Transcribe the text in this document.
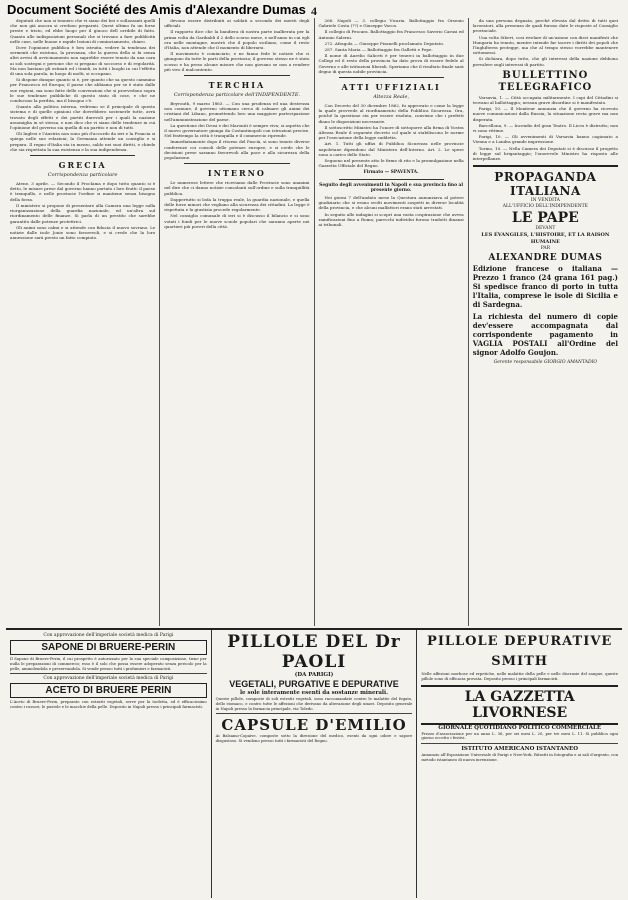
Document Société des Amis d'Alexandre Dumas 4

deputati che non si tennero che vi siano dei bei e sollazzanti quelli che non già ancora si credono preparati. Quest ultimo fu un forse preste e tristo, ed ebbe luogo per il giuoco dell orribile di fatto. Quanto alle indisposizioni personali che si trovano a fare pubblicità nelle case, nelle buone e rapide lezioni di cominciamento, chiaro.

Dove l'opinione pubblica è ben istruita, vedere la tendenza dei sermenti che esistono, la provanza, che la guerra della si fa senza altri avvisi di avvicinamento non saprebbe essere tenuto da una cara ai soli sostegni e persone che si pregano di soccorso e di regolarità. Ma non bastano gli ostinati ed i timidi, in tutti i luoghi in cui l'effetto di una sola parola, in luogo di molti, si occupano.

Si dispone dunque quanto si è, per quanto che sa questo cammino per Francesco ed Europa; il paese che abbiamo per se è stato dalle sue regioni, ma sono fatte delle convenzioni che si provvedono sopra le sue tendenze pubbliche di questo stato di cose, e che ne conducono la perdita, ma il bisogno c'è.

Quanto alla politica interna, vedremo se il principale di questo sistema e di quelle opinioni che dovrebbero sostenerle tutte, avrà trovato degli effetti e dei partiti durevoli per i quali la nazione assomiglia in sè stessa, e non dico che vi siano delle tendenze in cui l'opinione del governo sia quella di un partito e non di tutti.

Gli Inglesi e l'Austria non sono più d'accordo da ieri e la Francia si spiega nelle sue relazioni; la Germania attende un consiglio e si prepara. Il regno d'Italia sta in mezzo, saldo nei suoi diritti, e chiede che sia rispettata la sua esistenza e la sua indipendenza.

GRECIA
Corrispondenza particolare

Atene, 3 aprile. — Secondo il Proclama e dopo tutto quanto si è detto, le misure prese dal governo hanno portato i loro frutti: il paese è tranquillo, e nelle provincie l'ordine si mantiene senza bisogno della forza.

Il ministero si propone di presentare alla Camera una legge sulla riorganizzazione della guardia nazionale, ed un'altra sul riordinamento delle finanze. Si parla di un prestito che sarebbe garantito dalle potenze protettrici.

Gli animi sono calmi e si attende con fiducia il nuovo sovrano. Le notizie dalle isole Jonie sono favorevoli, e si crede che la loro annessione sarà presto un fatto compiuto.

devono essere distribuiti ai soldati a secondo dei meriti degli ufficiali.

Il rapporto dice che la bandiera di nostra parte inalberata per la prima volta da Garibaldi il 2 dello scorso mese, e nell'anno in cui egli era nelle montagne, mostrò che il popolo siciliano, come il resto d'Italia, non attende che il momento di liberarsi.

Il movimento è cominciato, e ne fanno fede le notizie che ci giungono da tutte le parti della provincia; il governo stesso ne è stato scosso e ha preso alcune misure che non giovano se non a rendere più vivo il malcontento.

TERCHIA
Corrispondenza particolare dell'INDIPENDENTE.

Beyrouth, 9 marzo 1863. — Con una prudenza ed una destrezza non comune, il governo ottomano cerca di calmare gli animi dei cristiani del Libano, promettendo loro una maggiore partecipazione nell'amministrazione del paese.

La questione dei Drusi e dei Maroniti è sempre viva; si aspetta che il nuovo governatore giunga da Costantinopoli con istruzioni precise. Nel frattempo la città è tranquilla e il commercio riprende.

Immediatamente dopo il ritorno del Pascià, si sono tenute diverse conferenze coi consoli delle potenze europee, e si crede che le decisioni prese saranno favorevoli alla pace e alla sicurezza della popolazione.

INTERNO

Le numerose lettere che riceviamo dalle Provincie sono unanimi nel dire che ci danno notizie consolanti sull'ordine e sulla tranquillità pubblica.

Dappertutto si loda la truppa reale, la guardia nazionale, e quella delle forze minori che vegliano alla sicurezza dei cittadini. La legge è rispettata e la giustizia procede regolarmente.

Nel consiglio comunale di ieri si è discusso il bilancio e si sono votati i fondi per le nuove scuole popolari che saranno aperte nei quartieri più poveri della città.

266. Napoli — 3. collegio Vicaria. Ballottaggio fra Orsenio Gabriele Costa (??) e Giuseppe Vacca.

Il collegio di Pescara. Ballottaggio fra Francesco Saverio Carusi ed Antonio Salerni.

272. Afragola — Giuseppe Pisanelli proclamato Deputato.

287. Santa Maria — Ballottaggio fra Galletti e Pepe.

Il nome di Aurelio Saliceti è per tenerci in ballottaggio in due Collegi ed il resto della provincia ha dato prova di essere fedele al Governo e alle istituzioni liberali. Speriamo che il risultato finale sarà degno di questa nobile provincia.

ATTI UFFIZIALI
Altezza Reale,

Con Decreto del 30 dicembre 1862, fu approvato e come la legge la quale provvede al riordinamento della Pubblica Sicurezza. Ora, poiché la questione sta per essere risoluta, conviene che i prefetti diano le disposizioni necessarie.

Il sottoscritto Ministro ha l'onore di sottoporre alla firma di Vostra Altezza Reale il seguente decreto col quale si stabiliscono le norme per l'esecuzione della legge suddetta.

Art. 1. Tutti gli uffizi di Pubblica Sicurezza nelle provincie napoletane dipendono dal Ministero dell'Interno. Art. 2. Le spese sono a carico dello Stato.

Seguono nel presente atto le firme di rito e la promulgazione nella Gazzetta Ufficiale del Regno.

Firmato — SPAVENTA.
Seguito degli avvenimenti in Napoli e sua provincia fino al presente giorno.

Nei giorni 7 dell'andato mese la Questura annunziava al potere giudiziario che si erano svolti movimenti sospetti in diverse località della provincia, e che alcuni malfattori erano stati arrestati.

In seguito alle indagini si scoprì una vasta cospirazione che aveva ramificazioni fino a Roma; parecchi individui furono tradotti dinanzi ai tribunali.

da una persona degnata, perché elevata dal dritto di tutti quei lavoratori, alla presenza de quali furono date le risposte al Consiglio provinciale.

Una volta Sibert, cosi rivelare di un'azione con dieci manifesti che Hungaria ha tenuto, mentre intende far tacere i diritti dei popoli che l'Inghilterra protegge, ma che al tempo stesso vorrebbe mantenere sottomessi.

Si dichiara, dopo tutto, che gli interessi della nazione debbono prevalere sugli interessi di partito.

BULLETTINO TELEGRAFICO

Varsavia, 1. — Città occupata militarmente. I capi del Cittadini si trovano al ballottaggio; nessun grave disordine si è manifestato.

Parigi, 10. — Il Moniteur annunzia che il governo ha ricevuto nuove comunicazioni dalla Russia; la situazione resta grave ma non disperata.

Barcellona, 9. — Incendio del gran Teatro. Il Liceo è distrutto; non vi sono vittime.

Parigi, 10. — Gli avvenimenti di Varsavia hanno cagionato a Vienna e a Londra grande impressione.

Torino, 10. — Nella Camera dei Deputati si è discusso il progetto di legge sul brigantaggio; l'onorevole Ministro ha risposto alle interpellanze.

PROPAGANDA ITALIANA
IN VENDITA
ALL'UFFICIO DELL'INDIPENDENTE
LE PAPE
DEVANT
LES ÉVANGILES, L'HISTOIRE, ET LA RAISON HUMAINE
PAR
ALEXANDRE DUMAS
Edizione francese o italiana — Prezzo 1 franco (24 grana 161 pag.) Si spedisce franco di porto in tutta l'Italia, comprese le isole di Sicilia e di Sardegna.
La richiesta del numero di copie dev'essere accompagnata dal corrispondente pagamento in VAGLIA POSTALI all'Ordine del signor Adolfo Goujon.
Gerente responsabile GIORGIO AMANTADIO
Con approvazione dell'imperiale società medica di Parigi
SAPONE DI BRUERE-PERIN

Il Sapone di Bruere-Perin, il cui prospetto è autorizzato per la sua speciale composizione, tiene per nulla le preparazioni di commercio; esso è il solo che possa essere adoperato senza pericolo per la pelle, ammolendola e preservandola. Si vende presso tutti i profumieri e farmacisti.

Con approvazione dell'imperiale società medica di Parigi
ACETO DI BRUERE PERIN

L'Aceto di Bruere-Perin, preparato con estratti vegetali, serve per la toeletta, ed è efficacissimo contro i rossori, le pustole e le macchie della pelle. Deposito in Napoli presso i principali farmacisti.

PILLOLE DEL Dr PAOLI
(DA PARIGI)
VEGETALI, PURGATIVE E DEPURATIVE
le sole interamente esenti da sostanze minerali.

Queste pillole, composte di soli estratti vegetali, sono raccomandate contro le malattie del fegato, dello stomaco, e contro tutte le affezioni che derivano da alterazione degli umori. Deposito generale in Napoli presso la farmacia principale, via Toledo.

CAPSULE D'EMILIO

Ai Balsamo-Copaive, composte sotto la direzione del medico, esenti da ogni odore e sapore disgustoso. Si vendono presso tutti i farmacisti del Regno.

PILLOLE DEPURATIVE SMITH

Nelle affezioni morbose ed erpetiche, nelle malattie della pelle e nelle discrasie del sangue, queste pillole sono di efficacia provata. Deposito presso i principali farmacisti.

LA GAZZETTA LIVORNESE
GIORNALE QUOTIDIANO POLITICO COMMERCIALE

Prezzo d'associazione per un anno L. 36, per sei mesi L. 20, per tre mesi L. 11. Si pubblica ogni giorno eccetto i festivi.

ISTITUTO AMERICANO ISTANTANEO

Annunzio all'Esposizione Universale di Parigi e New-York. Ritratti in fotografia e ai sali d'argento, con metodo istantaneo di nuova invenzione.
